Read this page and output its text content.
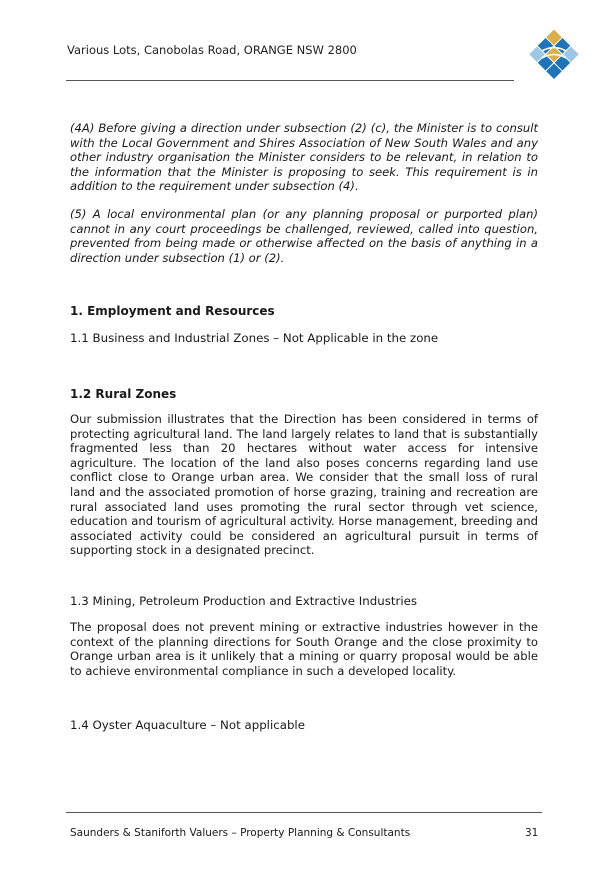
Various Lots, Canobolas Road, ORANGE NSW 2800

(4A) Before giving a direction under subsection (2) (c), the Minister is to consult with the Local Government and Shires Association of New South Wales and any other industry organisation the Minister considers to be relevant, in relation to the information that the Minister is proposing to seek. This requirement is in addition to the requirement under subsection (4).

(5) A local environmental plan (or any planning proposal or purported plan) cannot in any court proceedings be challenged, reviewed, called into question, prevented from being made or otherwise affected on the basis of anything in a direction under subsection (1) or (2).

1. Employment and Resources

1.1 Business and Industrial Zones – Not Applicable in the zone

1.2 Rural Zones

Our submission illustrates that the Direction has been considered in terms of protecting agricultural land. The land largely relates to land that is substantially fragmented less than 20 hectares without water access for intensive agriculture. The location of the land also poses concerns regarding land use conflict close to Orange urban area. We consider that the small loss of rural land and the associated promotion of horse grazing, training and recreation are rural associated land uses promoting the rural sector through vet science, education and tourism of agricultural activity. Horse management, breeding and associated activity could be considered an agricultural pursuit in terms of supporting stock in a designated precinct.

1.3 Mining, Petroleum Production and Extractive Industries

The proposal does not prevent mining or extractive industries however in the context of the planning directions for South Orange and the close proximity to Orange urban area is it unlikely that a mining or quarry proposal would be able to achieve environmental compliance in such a developed locality.

1.4 Oyster Aquaculture – Not applicable

Saunders & Staniforth Valuers – Property Planning & Consultants	31
